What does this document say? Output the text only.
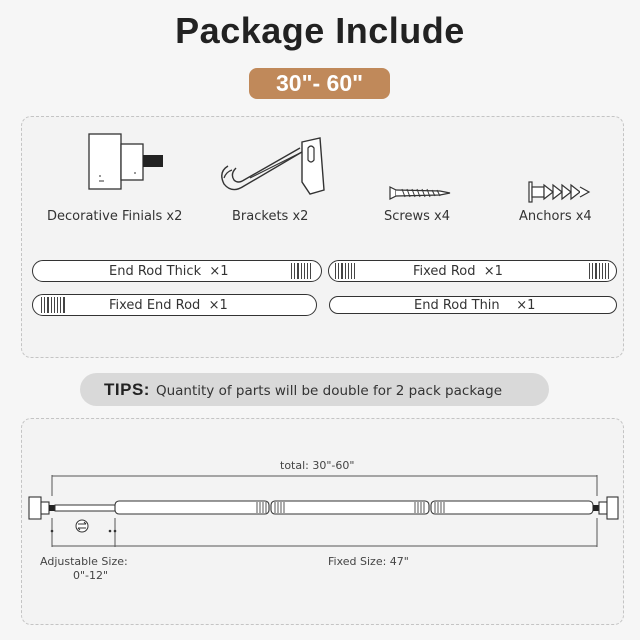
Package Include
30"- 60"
Decorative Finials x2	Brackets x2	Screws x4	Anchors x4
End Rod Thick ×1	Fixed Rod ×1
Fixed End Rod ×1	End Rod Thin ×1
TIPS: Quantity of parts will be double for 2 pack package
total: 30"-60"
Adjustable Size:
0"-12"
Fixed Size: 47"
